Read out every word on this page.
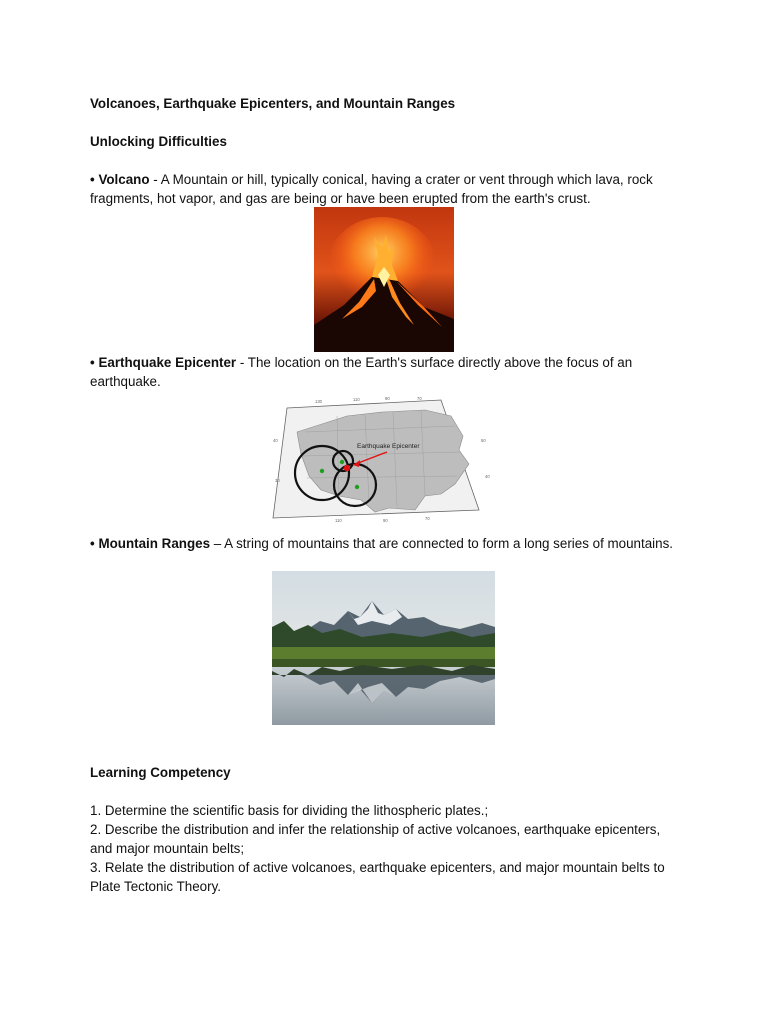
Volcanoes, Earthquake Epicenters, and Mountain Ranges
Unlocking Difficulties
• Volcano - A Mountain or hill, typically conical, having a crater or vent through which lava, rock fragments, hot vapor, and gas are being or have been erupted from the earth's crust.
• Earthquake Epicenter - The location on the Earth's surface directly above the focus of an earthquake.
130	110	90	70
40
30
50
40
110	90	70
Earthquake Epicenter
• Mountain Ranges – A string of mountains that are connected to form a long series of mountains.
Learning Competency
1. Determine the scientific basis for dividing the lithospheric plates.;
2. Describe the distribution and infer the relationship of active volcanoes, earthquake epicenters, and major mountain belts;
3. Relate the distribution of active volcanoes, earthquake epicenters, and major mountain belts to Plate Tectonic Theory.
